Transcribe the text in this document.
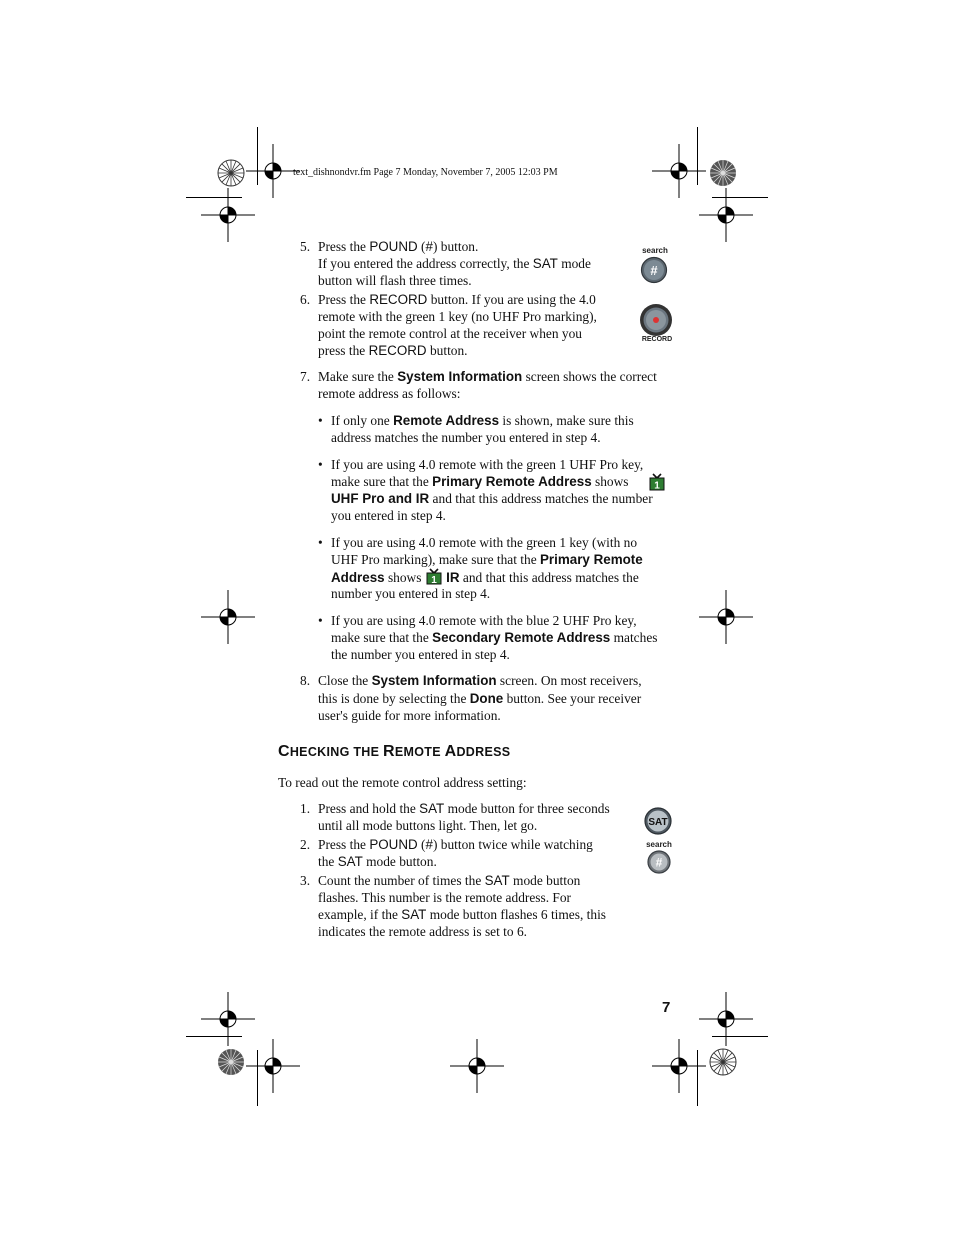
text_dishnondvr.fm Page 7 Monday, November 7, 2005 12:03 PM
5. Press the POUND (#) button.
If you entered the address correctly, the SAT mode
button will flash three times.
6. Press the RECORD button. If you are using the 4.0
remote with the green 1 key (no UHF Pro marking),
point the remote control at the receiver when you
press the RECORD button.
7. Make sure the System Information screen shows the correct
remote address as follows:
• If only one Remote Address is shown, make sure this
address matches the number you entered in step 4.
• If you are using 4.0 remote with the green 1 UHF Pro key,
make sure that the Primary Remote Address shows
UHF Pro and IR and that this address matches the number
you entered in step 4.
• If you are using 4.0 remote with the green 1 key (with no
UHF Pro marking), make sure that the Primary Remote
Address shows 1 IR and that this address matches the
number you entered in step 4.
• If you are using 4.0 remote with the blue 2 UHF Pro key,
make sure that the Secondary Remote Address matches
the number you entered in step 4.
8. Close the System Information screen. On most receivers,
this is done by selecting the Done button. See your receiver
user's guide for more information.
1. Press and hold the SAT mode button for three seconds
until all mode buttons light. Then, let go.
2. Press the POUND (#) button twice while watching
the SAT mode button.
3. Count the number of times the SAT mode button
flashes. This number is the remote address. For
example, if the SAT mode button flashes 6 times, this
indicates the remote address is set to 6.
CHECKING THE REMOTE ADDRESS
To read out the remote control address setting:
search
#
RECORD
SAT
search
#
1
7
